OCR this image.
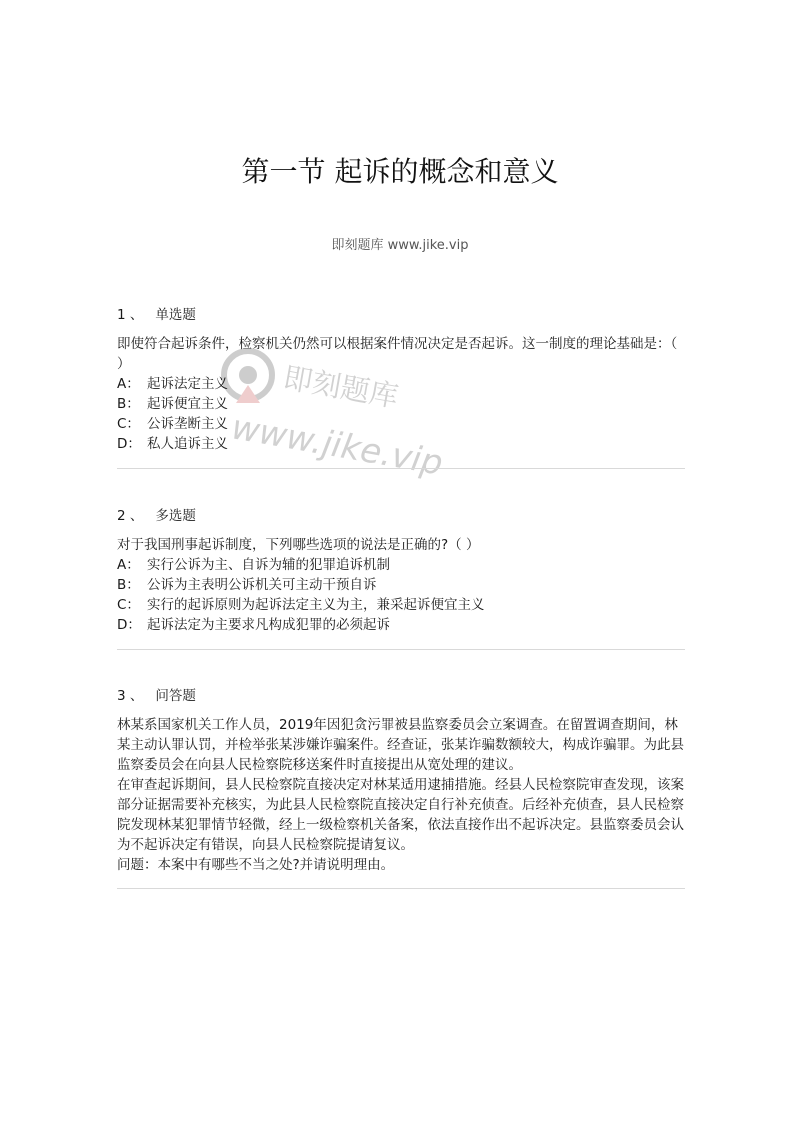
第一节 起诉的概念和意义
即刻题库 www.jike.vip
即刻题库
www.jike.vip
1 、 单选题

即使符合起诉条件，检察机关仍然可以根据案件情况决定是否起诉。这一制度的理论基础是：（ ）

A： 起诉法定主义
B： 起诉便宜主义
C： 公诉垄断主义
D： 私人追诉主义
2 、 多选题

对于我国刑事起诉制度，下列哪些选项的说法是正确的?（ ）

A： 实行公诉为主、自诉为辅的犯罪追诉机制
B： 公诉为主表明公诉机关可主动干预自诉
C： 实行的起诉原则为起诉法定主义为主，兼采起诉便宜主义
D： 起诉法定为主要求凡构成犯罪的必须起诉
3 、 问答题

林某系国家机关工作人员，2019年因犯贪污罪被县监察委员会立案调查。在留置调查期间，林某主动认罪认罚，并检举张某涉嫌诈骗案件。经查证，张某诈骗数额较大，构成诈骗罪。为此县监察委员会在向县人民检察院移送案件时直接提出从宽处理的建议。

在审查起诉期间，县人民检察院直接决定对林某适用逮捕措施。经县人民检察院审查发现，该案部分证据需要补充核实，为此县人民检察院直接决定自行补充侦查。后经补充侦查，县人民检察院发现林某犯罪情节轻微，经上一级检察机关备案，依法直接作出不起诉决定。县监察委员会认为不起诉决定有错误，向县人民检察院提请复议。

问题：本案中有哪些不当之处?并请说明理由。
